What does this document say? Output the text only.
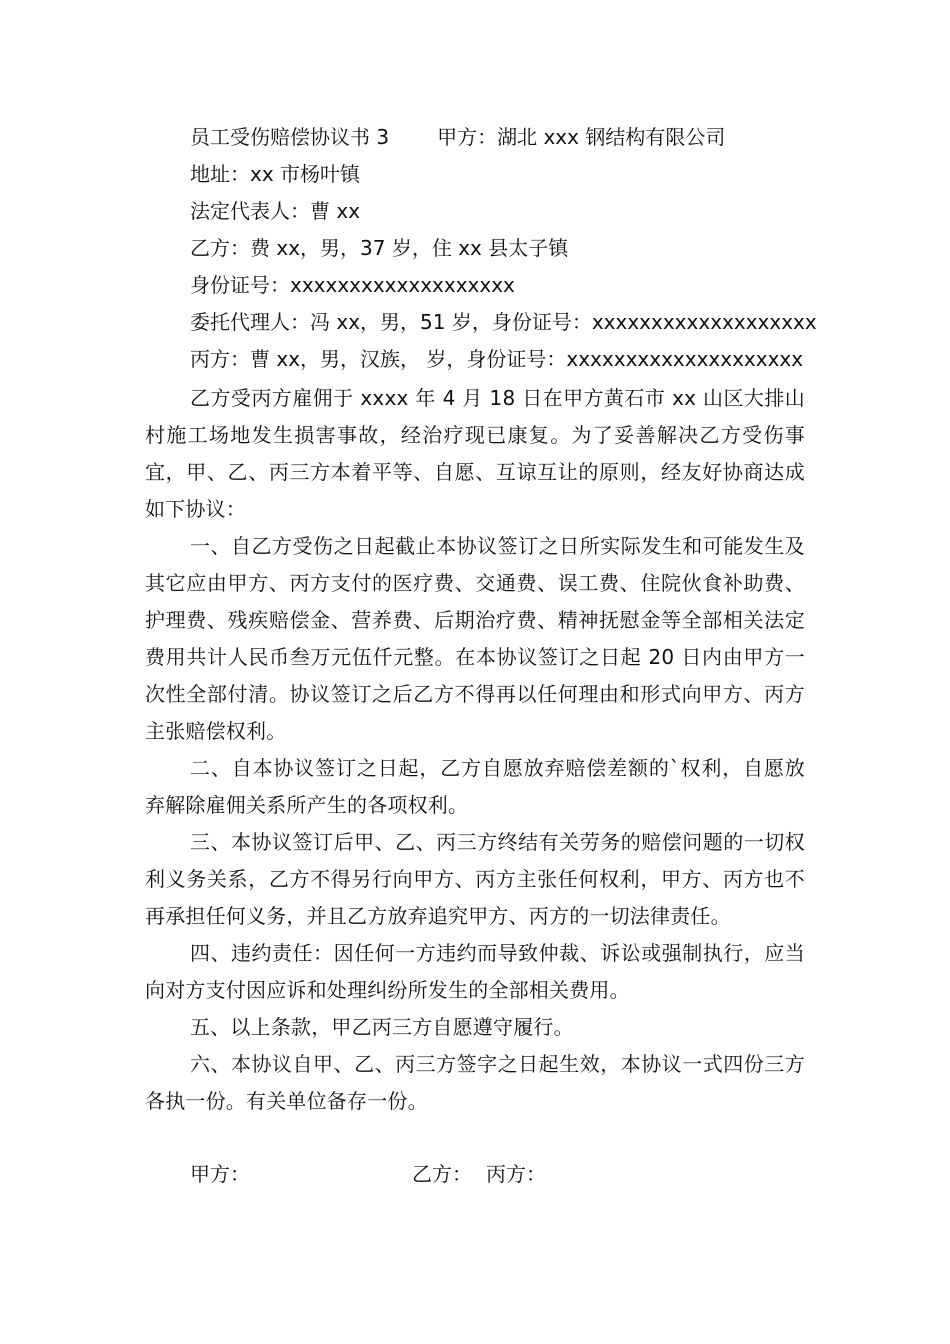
员工受伤赔偿协议书 3 甲方：湖北 xxx 钢结构有限公司
地址：xx 市杨叶镇
法定代表人：曹 xx
乙方：费 xx，男，37 岁，住 xx 县太子镇
身份证号：xxxxxxxxxxxxxxxxxxx
委托代理人：冯 xx，男，51 岁，身份证号：xxxxxxxxxxxxxxxxxxx
丙方：曹 xx，男，汉族， 岁，身份证号：xxxxxxxxxxxxxxxxxxxx

乙方受丙方雇佣于 xxxx 年 4 月 18 日在甲方黄石市 xx 山区大排山村施工场地发生损害事故，经治疗现已康复。为了妥善解决乙方受伤事宜，甲、乙、丙三方本着平等、自愿、互谅互让的原则，经友好协商达成如下协议：

一、自乙方受伤之日起截止本协议签订之日所实际发生和可能发生及其它应由甲方、丙方支付的医疗费、交通费、误工费、住院伙食补助费、护理费、残疾赔偿金、营养费、后期治疗费、精神抚慰金等全部相关法定费用共计人民币叁万元伍仟元整。在本协议签订之日起 20 日内由甲方一次性全部付清。协议签订之后乙方不得再以任何理由和形式向甲方、丙方主张赔偿权利。

二、自本协议签订之日起，乙方自愿放弃赔偿差额的`权利，自愿放弃解除雇佣关系所产生的各项权利。

三、本协议签订后甲、乙、丙三方终结有关劳务的赔偿问题的一切权利义务关系，乙方不得另行向甲方、丙方主张任何权利，甲方、丙方也不再承担任何义务，并且乙方放弃追究甲方、丙方的一切法律责任。

四、违约责任：因任何一方违约而导致仲裁、诉讼或强制执行，应当向对方支付因应诉和处理纠纷所发生的全部相关费用。

五、以上条款，甲乙丙三方自愿遵守履行。

六、本协议自甲、乙、丙三方签字之日起生效，本协议一式四份三方各执一份。有关单位备存一份。

甲方：	乙方： 丙方：
